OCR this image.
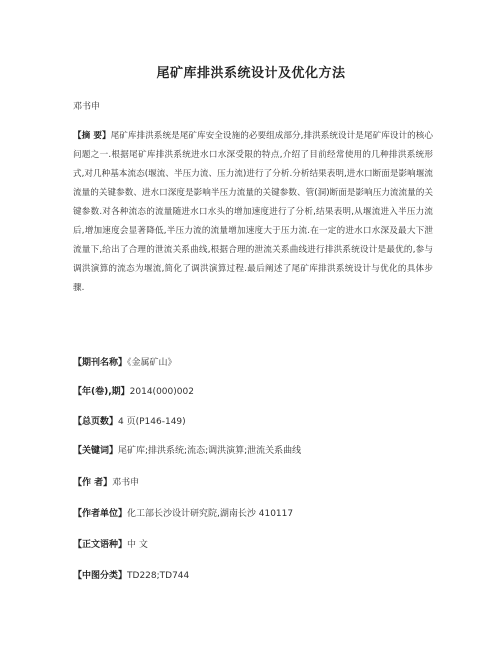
尾矿库排洪系统设计及优化方法
邓书申
【摘 要】尾矿库排洪系统是尾矿库安全设施的必要组成部分,排洪系统设计是尾矿库设计的核心问题之一.根据尾矿库排洪系统进水口水深受限的特点,介绍了目前经常使用的几种排洪系统形式,对几种基本流态(堰流、半压力流、压力流)进行了分析.分析结果表明,进水口断面是影响堰流流量的关键参数、进水口深度是影响半压力流量的关键参数、管(洞)断面是影响压力流流量的关键参数.对各种流态的流量随进水口水头的增加速度进行了分析,结果表明,从堰流进入半压力流后,增加速度会显著降低,半压力流的流量增加速度大于压力流.在一定的进水口水深及最大下泄流量下,给出了合理的泄流关系曲线,根据合理的泄流关系曲线进行排洪系统设计是最优的,参与调洪演算的流态为堰流,简化了调洪演算过程.最后阐述了尾矿库排洪系统设计与优化的具体步骤.
【期刊名称】《金属矿山》
【年(卷),期】2014(000)002
【总页数】4 页(P146-149)
【关键词】尾矿库;排洪系统;流态;调洪演算;泄流关系曲线
【作 者】邓书申
【作者单位】化工部长沙设计研究院,湖南长沙 410117
【正文语种】中 文
【中图分类】TD228;TD744
